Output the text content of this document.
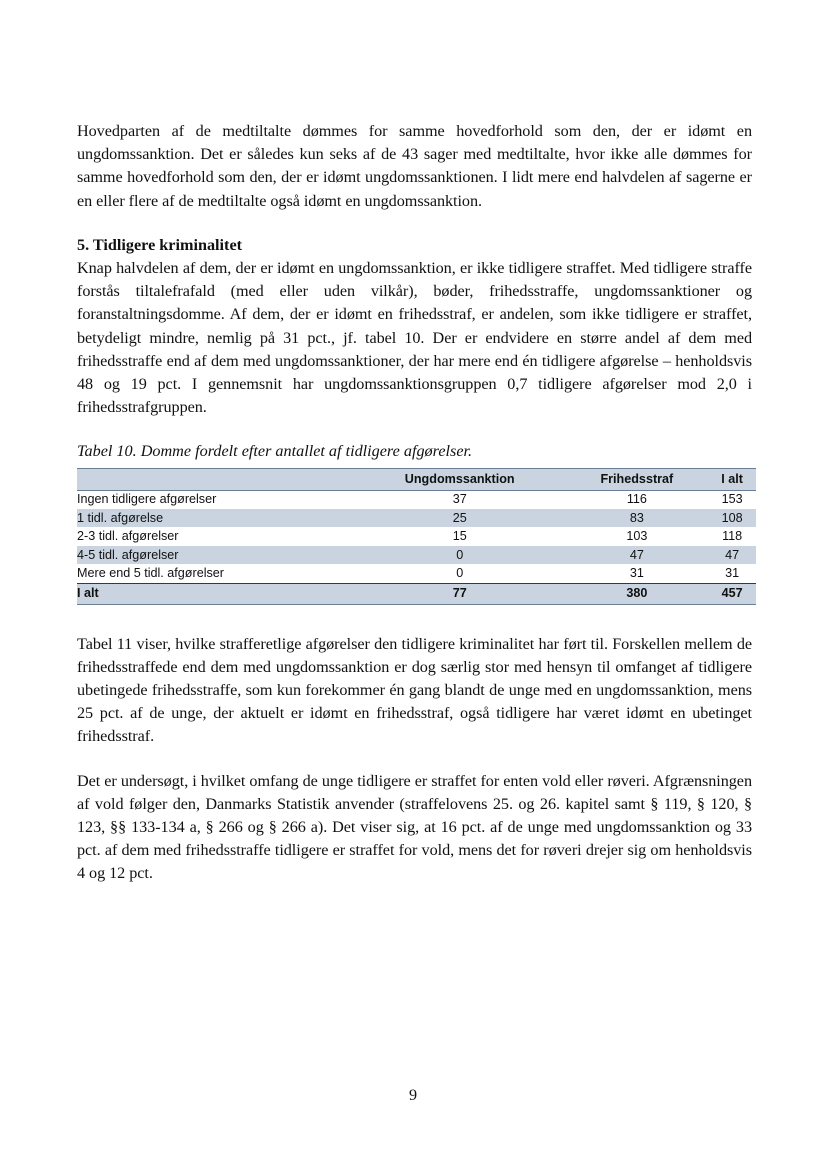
Hovedparten af de medtiltalte dømmes for samme hovedforhold som den, der er idømt en ungdomssanktion. Det er således kun seks af de 43 sager med medtiltalte, hvor ikke alle dømmes for samme hovedforhold som den, der er idømt ungdomssanktionen. I lidt mere end halvdelen af sagerne er en eller flere af de medtiltalte også idømt en ungdomssanktion.

5. Tidligere kriminalitet

Knap halvdelen af dem, der er idømt en ungdomssanktion, er ikke tidligere straffet. Med tidligere straffe forstås tiltalefrafald (med eller uden vilkår), bøder, frihedsstraffe, ungdomssanktioner og foranstaltningsdomme. Af dem, der er idømt en frihedsstraf, er andelen, som ikke tidligere er straffet, betydeligt mindre, nemlig på 31 pct., jf. tabel 10. Der er endvidere en større andel af dem med frihedsstraffe end af dem med ungdomssanktioner, der har mere end én tidligere afgørelse – henholdsvis 48 og 19 pct. I gennemsnit har ungdomssanktionsgruppen 0,7 tidligere afgørelser mod 2,0 i frihedsstrafgruppen.

Tabel 10. Domme fordelt efter antallet af tidligere afgørelser.
	Ungdomssanktion	Frihedsstraf	I alt
Ingen tidligere afgørelser	37	116	153
1 tidl. afgørelse	25	83	108
2-3 tidl. afgørelser	15	103	118
4-5 tidl. afgørelser	0	47	47
Mere end 5 tidl. afgørelser	0	31	31
I alt	77	380	457

Tabel 11 viser, hvilke strafferetlige afgørelser den tidligere kriminalitet har ført til. Forskellen mellem de frihedsstraffede end dem med ungdomssanktion er dog særlig stor med hensyn til omfanget af tidligere ubetingede frihedsstraffe, som kun forekommer én gang blandt de unge med en ungdomssanktion, mens 25 pct. af de unge, der aktuelt er idømt en frihedsstraf, også tidligere har været idømt en ubetinget frihedsstraf.

Det er undersøgt, i hvilket omfang de unge tidligere er straffet for enten vold eller røveri. Afgrænsningen af vold følger den, Danmarks Statistik anvender (straffelovens 25. og 26. kapitel samt § 119, § 120, § 123, §§ 133-134 a, § 266 og § 266 a). Det viser sig, at 16 pct. af de unge med ungdomssanktion og 33 pct. af dem med frihedsstraffe tidligere er straffet for vold, mens det for røveri drejer sig om henholdsvis 4 og 12 pct.

9
